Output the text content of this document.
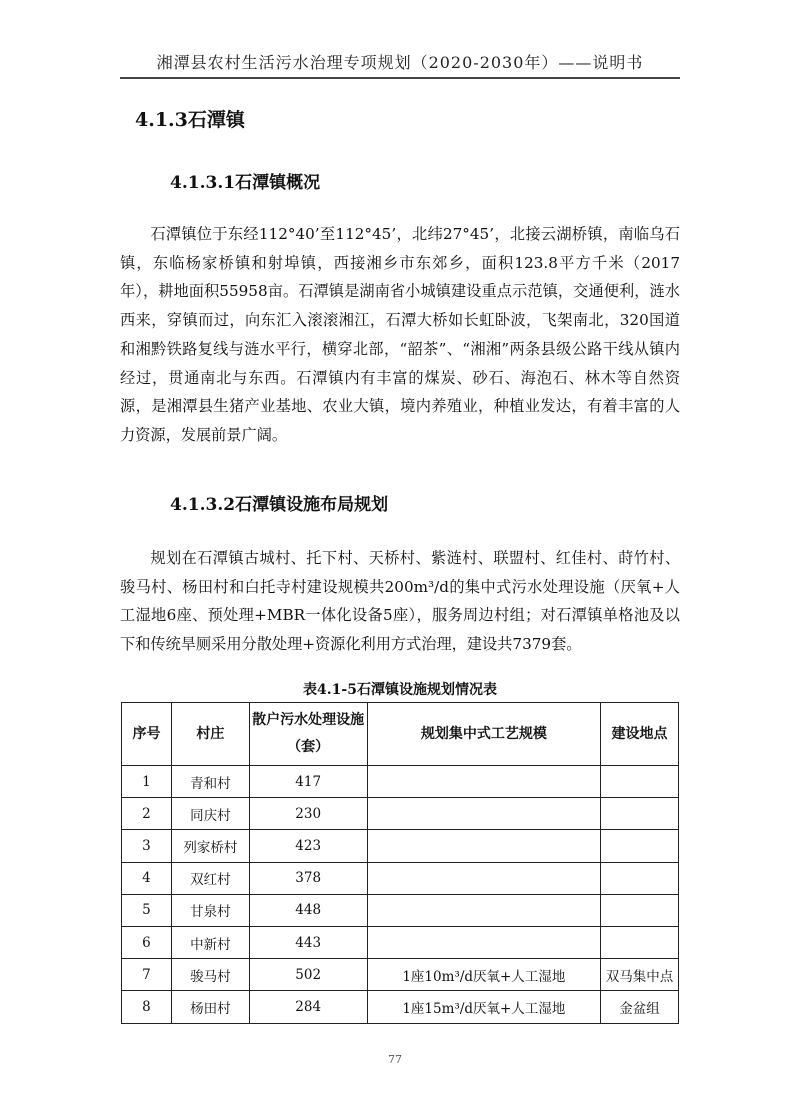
湘潭县农村生活污水治理专项规划（2020-2030年）——说明书
4.1.3石潭镇
4.1.3.1石潭镇概况
石潭镇位于东经112°40’至112°45’，北纬27°45’，北接云湖桥镇，南临乌石镇，东临杨家桥镇和射埠镇，西接湘乡市东郊乡，面积123.8平方千米（2017年），耕地面积55958亩。石潭镇是湖南省小城镇建设重点示范镇，交通便利，涟水西来，穿镇而过，向东汇入滚滚湘江，石潭大桥如长虹卧波，飞架南北，320国道和湘黔铁路复线与涟水平行，横穿北部，“韶茶”、“湘湘”两条县级公路干线从镇内经过，贯通南北与东西。石潭镇内有丰富的煤炭、砂石、海泡石、林木等自然资源，是湘潭县生猪产业基地、农业大镇，境内养殖业，种植业发达，有着丰富的人力资源，发展前景广阔。
4.1.3.2石潭镇设施布局规划
规划在石潭镇古城村、托下村、天桥村、紫涟村、联盟村、红佳村、莳竹村、骏马村、杨田村和白托寺村建设规模共200m³/d的集中式污水处理设施（厌氧+人工湿地6座、预处理+MBR一体化设备5座），服务周边村组；对石潭镇单格池及以下和传统旱厕采用分散处理+资源化利用方式治理，建设共7379套。
表4.1-5石潭镇设施规划情况表
序号	村庄	散户污水处理设施（套）	规划集中式工艺规模	建设地点
1	青和村	417		
2	同庆村	230		
3	列家桥村	423		
4	双红村	378		
5	甘泉村	448		
6	中新村	443		
7	骏马村	502	1座10m³/d厌氧+人工湿地	双马集中点
8	杨田村	284	1座15m³/d厌氧+人工湿地	金盆组
77
